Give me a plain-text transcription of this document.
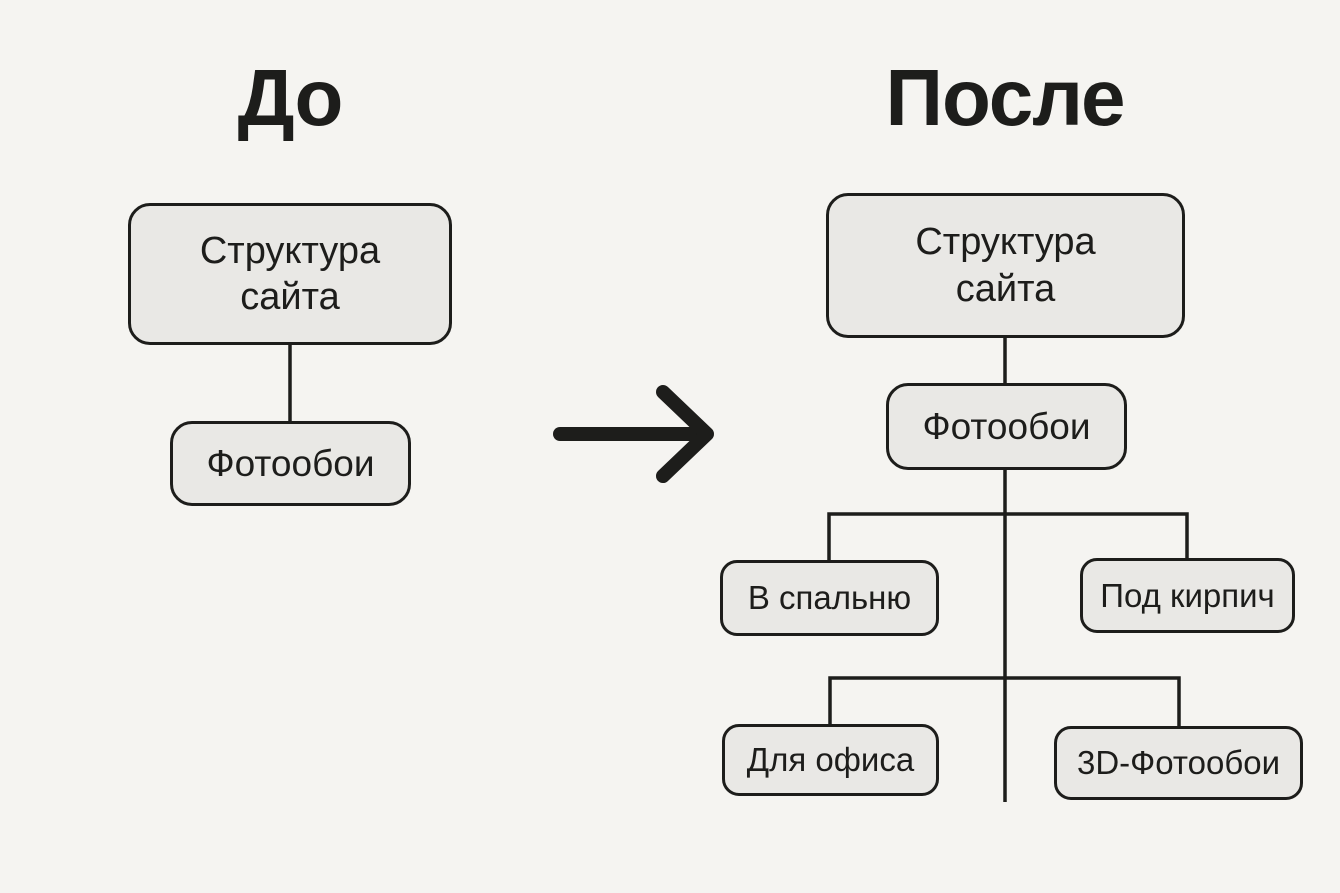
До	После
Структура сайта
Фотообои
Структура сайта
Фотообои
В спальню	Под кирпич
Для офиса	3D-Фотообои
